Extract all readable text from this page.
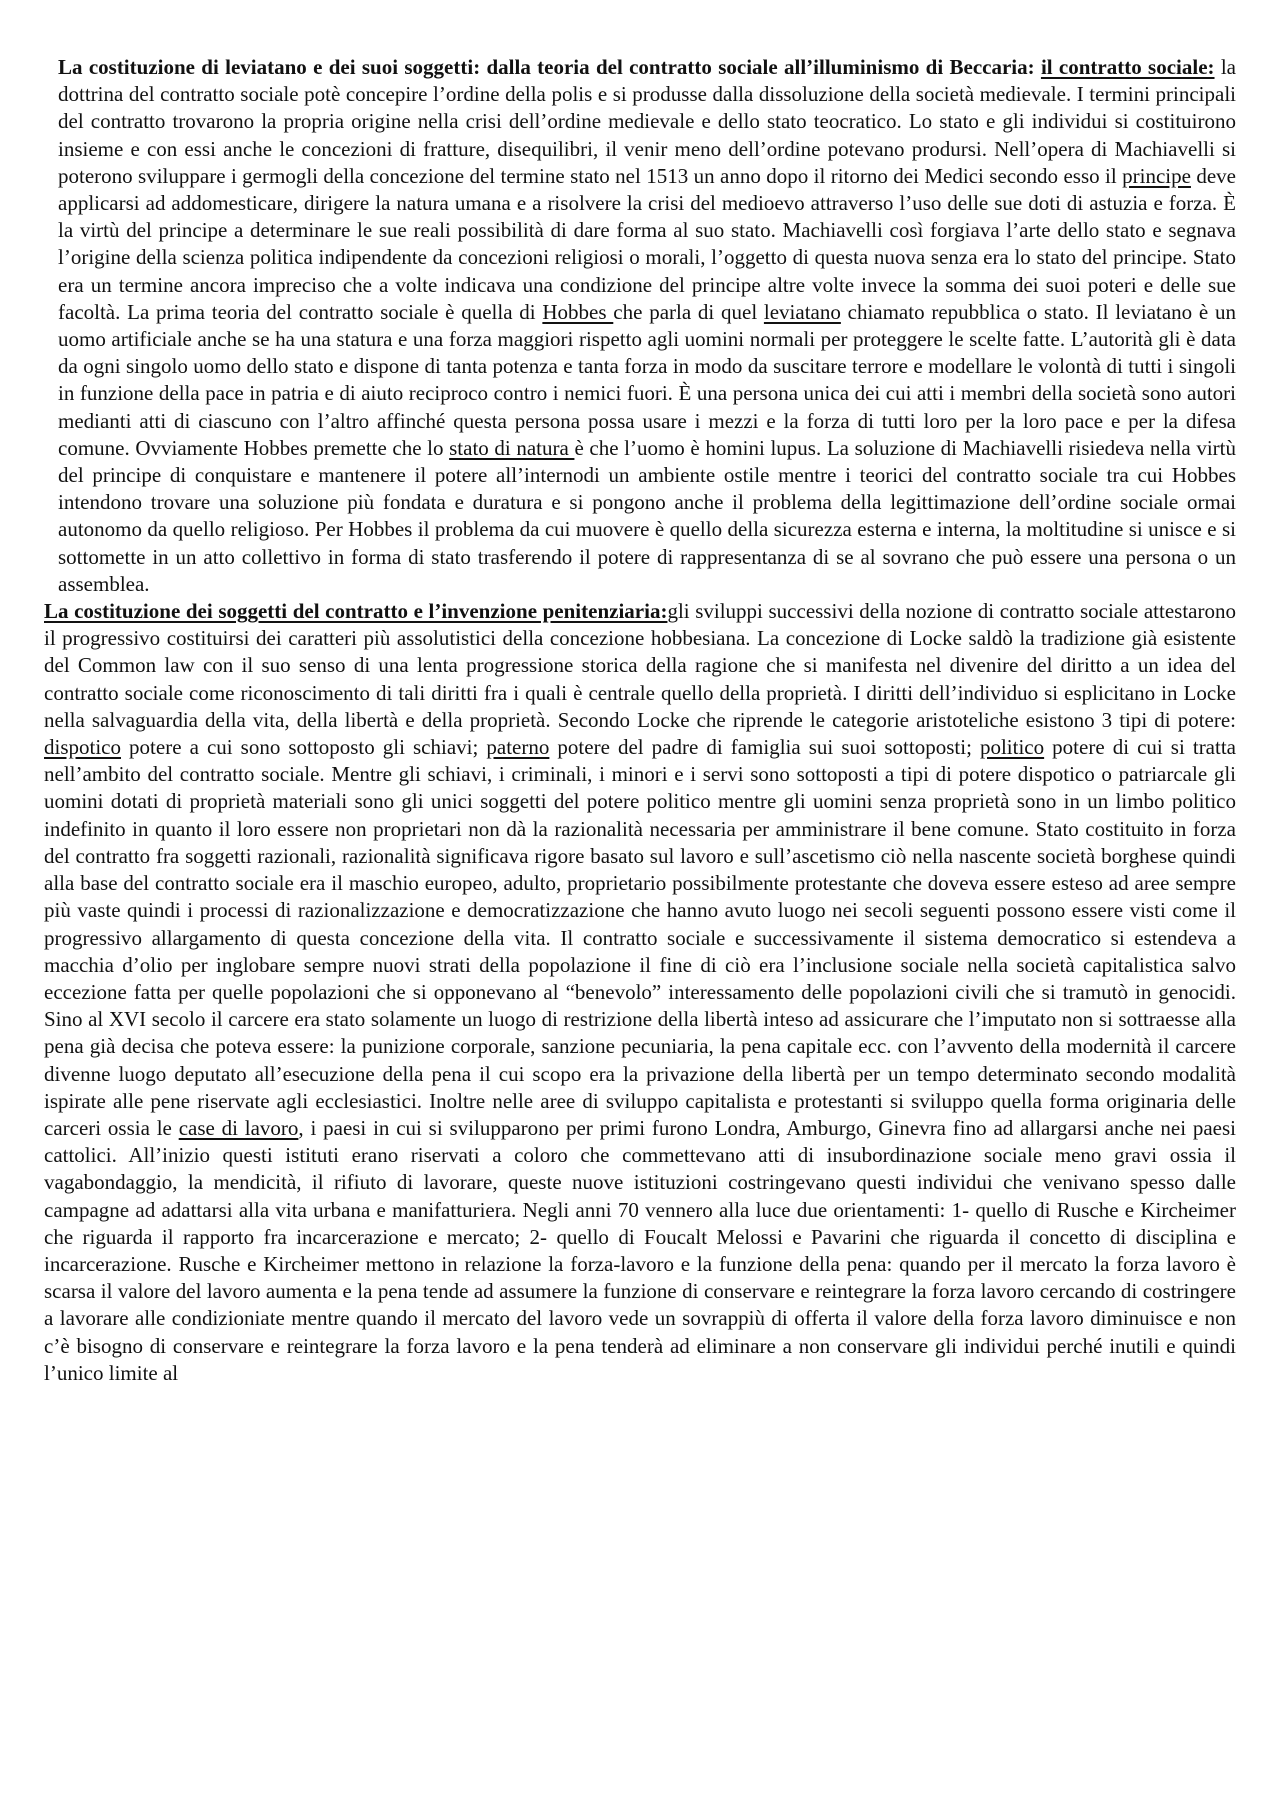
La costituzione di leviatano e dei suoi soggetti: dalla teoria del contratto sociale all’illuminismo di Beccaria: il contratto sociale: la dottrina del contratto sociale potè concepire l’ordine della polis e si produsse dalla dissoluzione della società medievale. I termini principali del contratto trovarono la propria origine nella crisi dell’ordine medievale e dello stato teocratico. Lo stato e gli individui si costituirono insieme e con essi anche le concezioni di fratture, disequilibri, il venir meno dell’ordine potevano prodursi. Nell’opera di Machiavelli si poterono sviluppare i germogli della concezione del termine stato nel 1513 un anno dopo il ritorno dei Medici secondo esso il principe deve applicarsi ad addomesticare, dirigere la natura umana e a risolvere la crisi del medioevo attraverso l’uso delle sue doti di astuzia e forza. È la virtù del principe a determinare le sue reali possibilità di dare forma al suo stato. Machiavelli così forgiava l’arte dello stato e segnava l’origine della scienza politica indipendente da concezioni religiosi o morali, l’oggetto di questa nuova senza era lo stato del principe. Stato era un termine ancora impreciso che a volte indicava una condizione del principe altre volte invece la somma dei suoi poteri e delle sue facoltà. La prima teoria del contratto sociale è quella di Hobbes che parla di quel leviatano chiamato repubblica o stato. Il leviatano è un uomo artificiale anche se ha una statura e una forza maggiori rispetto agli uomini normali per proteggere le scelte fatte. L’autorità gli è data da ogni singolo uomo dello stato e dispone di tanta potenza e tanta forza in modo da suscitare terrore e modellare le volontà di tutti i singoli in funzione della pace in patria e di aiuto reciproco contro i nemici fuori. È una persona unica dei cui atti i membri della società sono autori medianti atti di ciascuno con l’altro affinché questa persona possa usare i mezzi e la forza di tutti loro per la loro pace e per la difesa comune. Ovviamente Hobbes premette che lo stato di natura è che l’uomo è homini lupus. La soluzione di Machiavelli risiedeva nella virtù del principe di conquistare e mantenere il potere all’internodi un ambiente ostile mentre i teorici del contratto sociale tra cui Hobbes intendono trovare una soluzione più fondata e duratura e si pongono anche il problema della legittimazione dell’ordine sociale ormai autonomo da quello religioso. Per Hobbes il problema da cui muovere è quello della sicurezza esterna e interna, la moltitudine si unisce e si sottomette in un atto collettivo in forma di stato trasferendo il potere di rappresentanza di se al sovrano che può essere una persona o un assemblea.

La costituzione dei soggetti del contratto e l’invenzione penitenziaria:gli sviluppi successivi della nozione di contratto sociale attestarono il progressivo costituirsi dei caratteri più assolutistici della concezione hobbesiana. La concezione di Locke saldò la tradizione già esistente del Common law con il suo senso di una lenta progressione storica della ragione che si manifesta nel divenire del diritto a un idea del contratto sociale come riconoscimento di tali diritti fra i quali è centrale quello della proprietà. I diritti dell’individuo si esplicitano in Locke nella salvaguardia della vita, della libertà e della proprietà. Secondo Locke che riprende le categorie aristoteliche esistono 3 tipi di potere: dispotico potere a cui sono sottoposto gli schiavi; paterno potere del padre di famiglia sui suoi sottoposti; politico potere di cui si tratta nell’ambito del contratto sociale. Mentre gli schiavi, i criminali, i minori e i servi sono sottoposti a tipi di potere dispotico o patriarcale gli uomini dotati di proprietà materiali sono gli unici soggetti del potere politico mentre gli uomini senza proprietà sono in un limbo politico indefinito in quanto il loro essere non proprietari non dà la razionalità necessaria per amministrare il bene comune. Stato costituito in forza del contratto fra soggetti razionali, razionalità significava rigore basato sul lavoro e sull’ascetismo ciò nella nascente società borghese quindi alla base del contratto sociale era il maschio europeo, adulto, proprietario possibilmente protestante che doveva essere esteso ad aree sempre più vaste quindi i processi di razionalizzazione e democratizzazione che hanno avuto luogo nei secoli seguenti possono essere visti come il progressivo allargamento di questa concezione della vita. Il contratto sociale e successivamente il sistema democratico si estendeva a macchia d’olio per inglobare sempre nuovi strati della popolazione il fine di ciò era l’inclusione sociale nella società capitalistica salvo eccezione fatta per quelle popolazioni che si opponevano al “benevolo” interessamento delle popolazioni civili che si tramutò in genocidi. Sino al XVI secolo il carcere era stato solamente un luogo di restrizione della libertà inteso ad assicurare che l’imputato non si sottraesse alla pena già decisa che poteva essere: la punizione corporale, sanzione pecuniaria, la pena capitale ecc. con l’avvento della modernità il carcere divenne luogo deputato all’esecuzione della pena il cui scopo era la privazione della libertà per un tempo determinato secondo modalità ispirate alle pene riservate agli ecclesiastici. Inoltre nelle aree di sviluppo capitalista e protestanti si sviluppo quella forma originaria delle carceri ossia le case di lavoro, i paesi in cui si svilupparono per primi furono Londra, Amburgo, Ginevra fino ad allargarsi anche nei paesi cattolici. All’inizio questi istituti erano riservati a coloro che commettevano atti di insubordinazione sociale meno gravi ossia il vagabondaggio, la mendicità, il rifiuto di lavorare, queste nuove istituzioni costringevano questi individui che venivano spesso dalle campagne ad adattarsi alla vita urbana e manifatturiera. Negli anni 70 vennero alla luce due orientamenti: 1- quello di Rusche e Kircheimer che riguarda il rapporto fra incarcerazione e mercato; 2- quello di Foucalt Melossi e Pavarini che riguarda il concetto di disciplina e incarcerazione. Rusche e Kircheimer mettono in relazione la forza-lavoro e la funzione della pena: quando per il mercato la forza lavoro è scarsa il valore del lavoro aumenta e la pena tende ad assumere la funzione di conservare e reintegrare la forza lavoro cercando di costringere a lavorare alle condizioniate mentre quando il mercato del lavoro vede un sovrappiù di offerta il valore della forza lavoro diminuisce e non c’è bisogno di conservare e reintegrare la forza lavoro e la pena tenderà ad eliminare a non conservare gli individui perché inutili e quindi l’unico limite al
